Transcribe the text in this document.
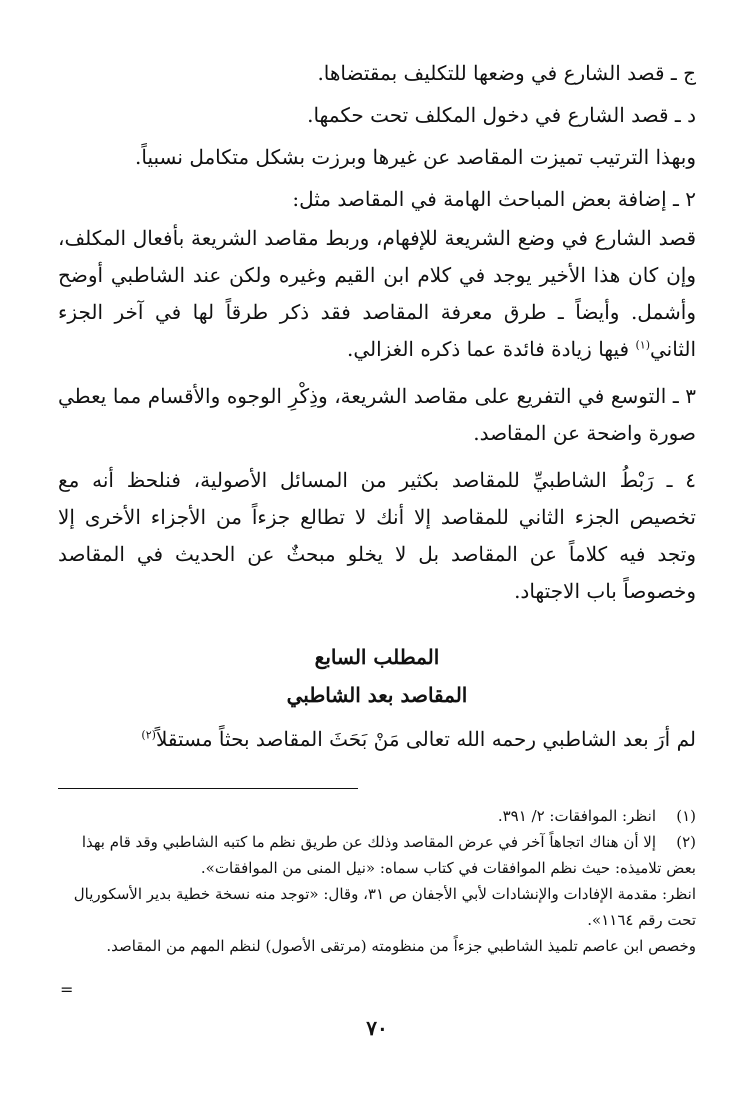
ج ـ قصد الشارع في وضعها للتكليف بمقتضاها.

د ـ قصد الشارع في دخول المكلف تحت حكمها.

وبهذا الترتيب تميزت المقاصد عن غيرها وبرزت بشكل متكامل نسبياً.

٢ ـ إضافة بعض المباحث الهامة في المقاصد مثل:

قصد الشارع في وضع الشريعة للإفهام، وربط مقاصد الشريعة بأفعال المكلف، وإن كان هذا الأخير يوجد في كلام ابن القيم وغيره ولكن عند الشاطبي أوضح وأشمل. وأيضاً ـ طرق معرفة المقاصد فقد ذكر طرقاً لها في آخر الجزء الثاني$^{(١)}$ فيها زيادة فائدة عما ذكره الغزالي.

٣ ـ التوسع في التفريع على مقاصد الشريعة، وذِكْرِ الوجوه والأقسام مما يعطي صورة واضحة عن المقاصد.

٤ ـ رَبْطُ الشاطبيِّ للمقاصد بكثير من المسائل الأصولية، فنلحظ أنه مع تخصيص الجزء الثاني للمقاصد إلا أنك لا تطالع جزءاً من الأجزاء الأخرى إلا وتجد فيه كلاماً عن المقاصد بل لا يخلو مبحثٌ عن الحديث في المقاصد وخصوصاً باب الاجتهاد.

المطلب السابع

المقاصد بعد الشاطبي

لم أرَ بعد الشاطبي رحمه الله تعالى مَنْ بَحَثَ المقاصد بحثاً مستقلاً$^{(٢)}$

(١)انظر: الموافقات: ٢/ ٣٩١.

(٢)إلا أن هناك اتجاهاً آخر في عرض المقاصد وذلك عن طريق نظم ما كتبه الشاطبي وقد قام بهذا بعض تلاميذه: حيث نظم الموافقات في كتاب سماه: «نيل المنى من الموافقات».

انظر: مقدمة الإفادات والإنشادات لأبي الأجفان ص ٣١، وقال: «توجد منه نسخة خطية بدير الأسكوريال تحت رقم ١١٦٤».

وخصص ابن عاصم تلميذ الشاطبي جزءاً من منظومته (مرتقى الأصول) لنظم المهم من المقاصد.

=
٧٠
